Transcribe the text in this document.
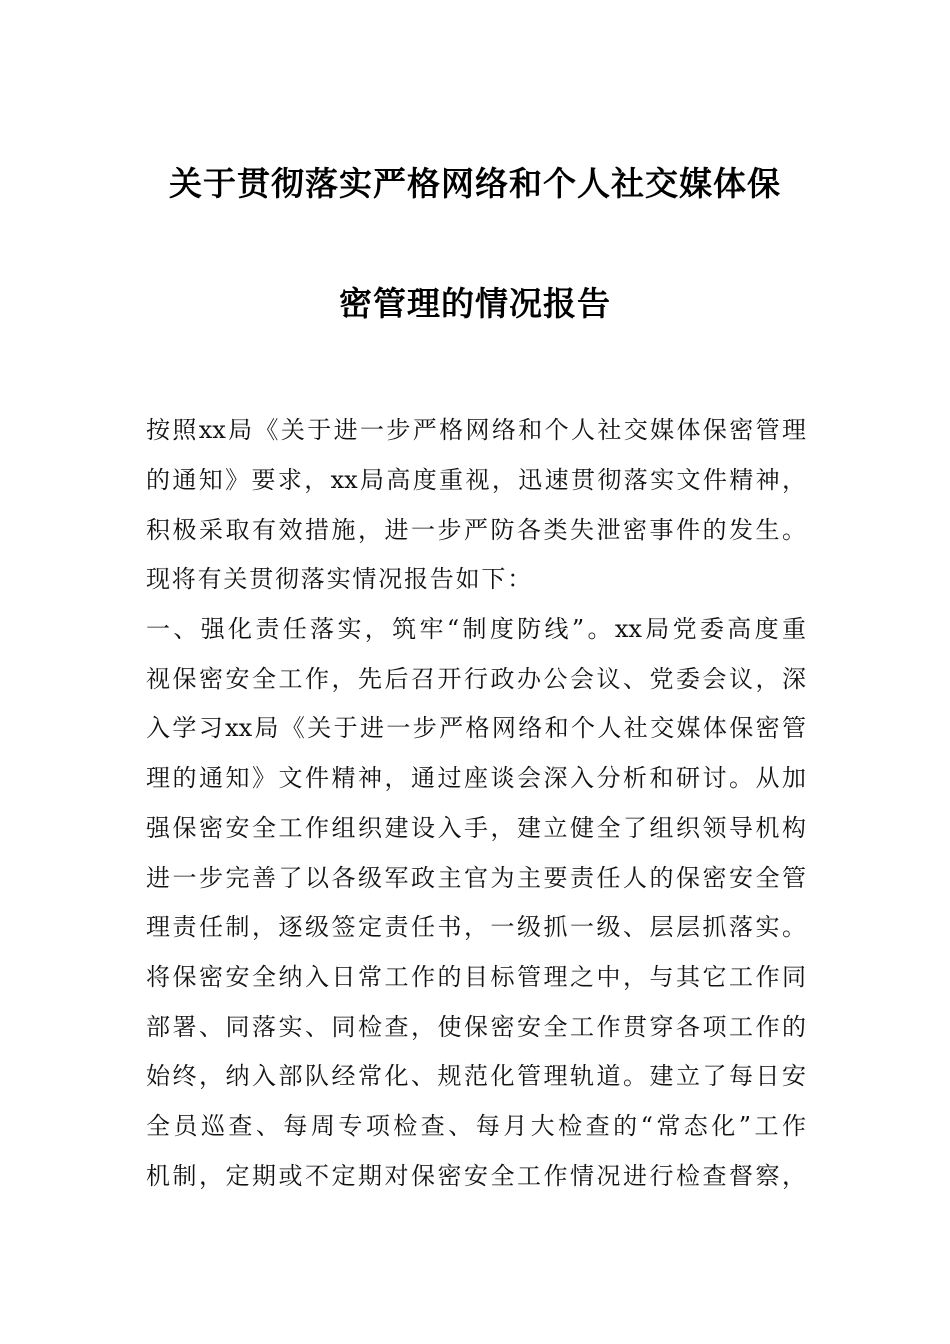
关于贯彻落实严格网络和个人社交媒体保
密管理的情况报告
按照xx局《关于进一步严格网络和个人社交媒体保密管理
的通知》要求，xx局高度重视，迅速贯彻落实文件精神，
积极采取有效措施，进一步严防各类失泄密事件的发生。
现将有关贯彻落实情况报告如下：
一、强化责任落实，筑牢“制度防线”。xx局党委高度重
视保密安全工作，先后召开行政办公会议、党委会议，深
入学习xx局《关于进一步严格网络和个人社交媒体保密管
理的通知》文件精神，通过座谈会深入分析和研讨。从加
强保密安全工作组织建设入手，建立健全了组织领导机构
进一步完善了以各级军政主官为主要责任人的保密安全管
理责任制，逐级签定责任书，一级抓一级、层层抓落实。
将保密安全纳入日常工作的目标管理之中，与其它工作同
部署、同落实、同检查，使保密安全工作贯穿各项工作的
始终，纳入部队经常化、规范化管理轨道。建立了每日安
全员巡查、每周专项检查、每月大检查的“常态化”工作
机制，定期或不定期对保密安全工作情况进行检查督察，
